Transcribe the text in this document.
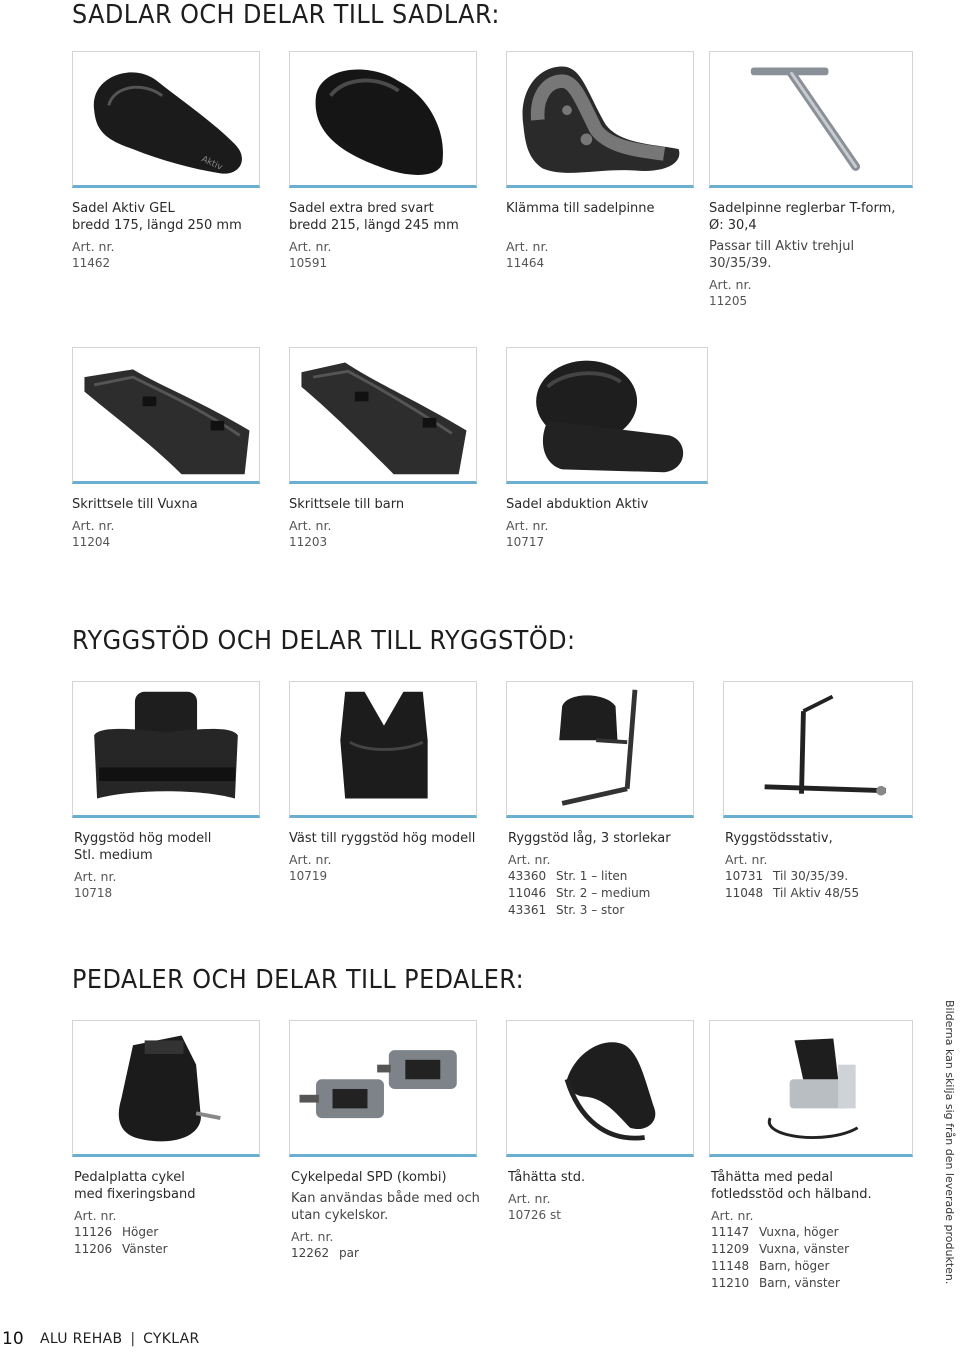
SADLAR OCH DELAR TILL SADLAR:
RYGGSTÖD OCH DELAR TILL RYGGSTÖD:
PEDALER OCH DELAR TILL PEDALER:
Aktiv
Sadel Aktiv GEL
bredd 175, längd 250 mm
Art. nr.
11462
Sadel extra bred svart
bredd 215, längd 245 mm
Art. nr.
10591
Klämma till sadelpinne
Art. nr.
11464
Sadelpinne reglerbar T-form,
Ø: 30,4
Passar till Aktiv trehjul 30/35/39.
Art. nr.
11205
Skrittsele till Vuxna
Art. nr.
11204
Skrittsele till barn
Art. nr.
11203
Sadel abduktion Aktiv
Art. nr.
10717
Ryggstöd hög modell
Stl. medium
Art. nr.
10718
Väst till ryggstöd hög modell
Art. nr.
10719
Ryggstöd låg, 3 storlekar
Art. nr.
43360 Str. 1 – liten
11046 Str. 2 – medium
43361 Str. 3 – stor
Ryggstödsstativ,
Art. nr.
10731 Til 30/35/39.
11048 Til Aktiv 48/55
Pedalplatta cykel
med fixeringsband
Art. nr.
11126 Höger
11206 Vänster
Cykelpedal SPD (kombi)
Kan användas både med och utan cykelskor.
Art. nr.
12262 par
Tåhätta std.
Art. nr.
10726 st
Tåhätta med pedal
fotledsstöd och hälband.
Art. nr.
11147 Vuxna, höger
11209 Vuxna, vänster
11148 Barn, höger
11210 Barn, vänster	Bilderna kan skilja sig från den leverade produkten.
10	ALU REHAB | CYKLAR
